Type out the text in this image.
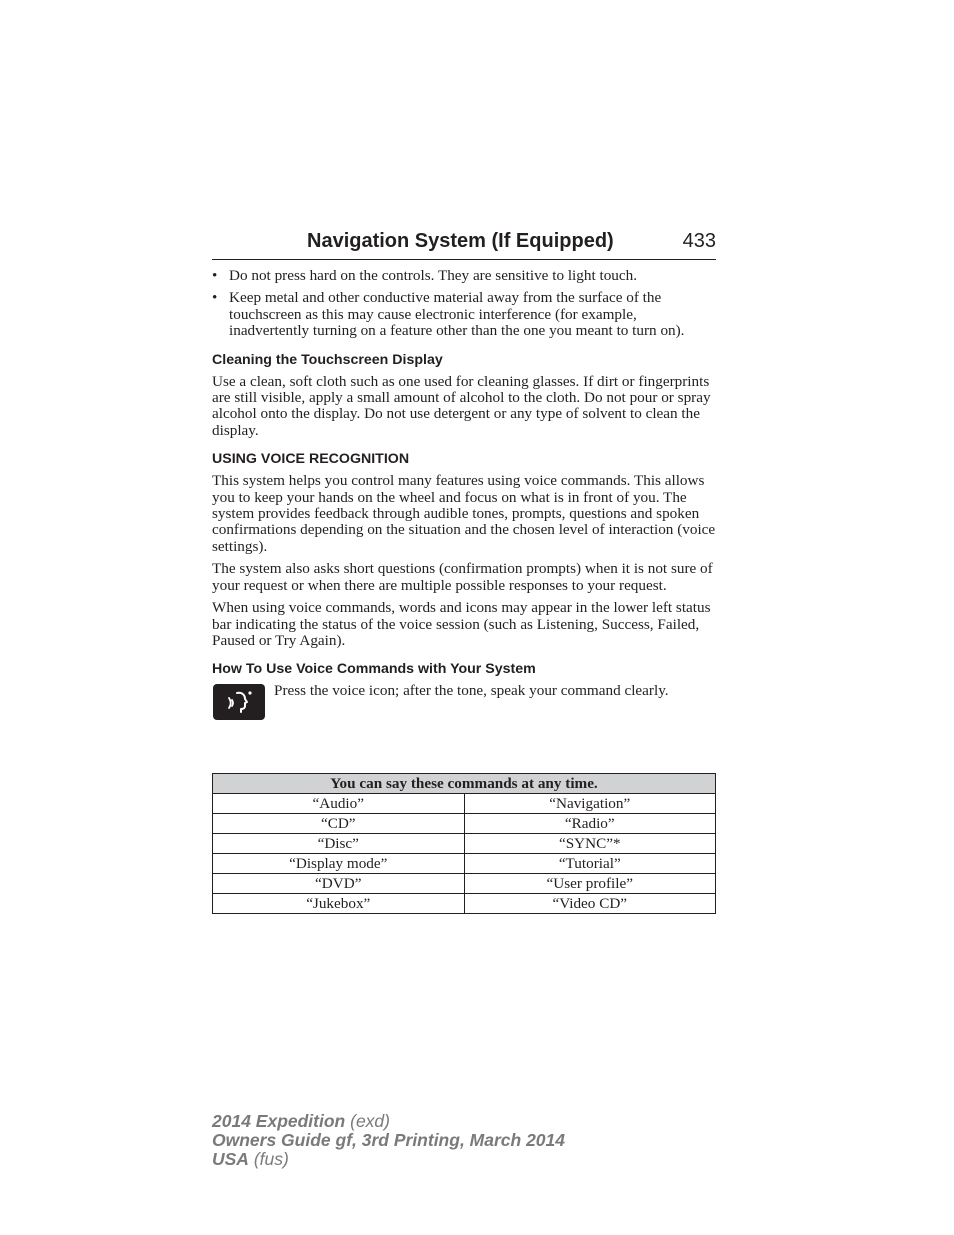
Navigation System (If Equipped)	433
• Do not press hard on the controls. They are sensitive to light touch.
• Keep metal and other conductive material away from the surface of the touchscreen as this may cause electronic interference (for example, inadvertently turning on a feature other than the one you meant to turn on).
Cleaning the Touchscreen Display

Use a clean, soft cloth such as one used for cleaning glasses. If dirt or fingerprints are still visible, apply a small amount of alcohol to the cloth. Do not pour or spray alcohol onto the display. Do not use detergent or any type of solvent to clean the display.

USING VOICE RECOGNITION

This system helps you control many features using voice commands. This allows you to keep your hands on the wheel and focus on what is in front of you. The system provides feedback through audible tones, prompts, questions and spoken confirmations depending on the situation and the chosen level of interaction (voice settings).

The system also asks short questions (confirmation prompts) when it is not sure of your request or when there are multiple possible responses to your request.

When using voice commands, words and icons may appear in the lower left status bar indicating the status of the voice session (such as Listening, Success, Failed, Paused or Try Again).

How To Use Voice Commands with Your System
Press the voice icon; after the tone, speak your command clearly.
You can say these commands at any time.	
“Audio”	“Navigation”
“CD”	“Radio”
“Disc”	“SYNC”*
“Display mode”	“Tutorial”
“DVD”	“User profile”
“Jukebox”	“Video CD”
2014 Expedition (exd)
Owners Guide gf, 3rd Printing, March 2014
USA (fus)
